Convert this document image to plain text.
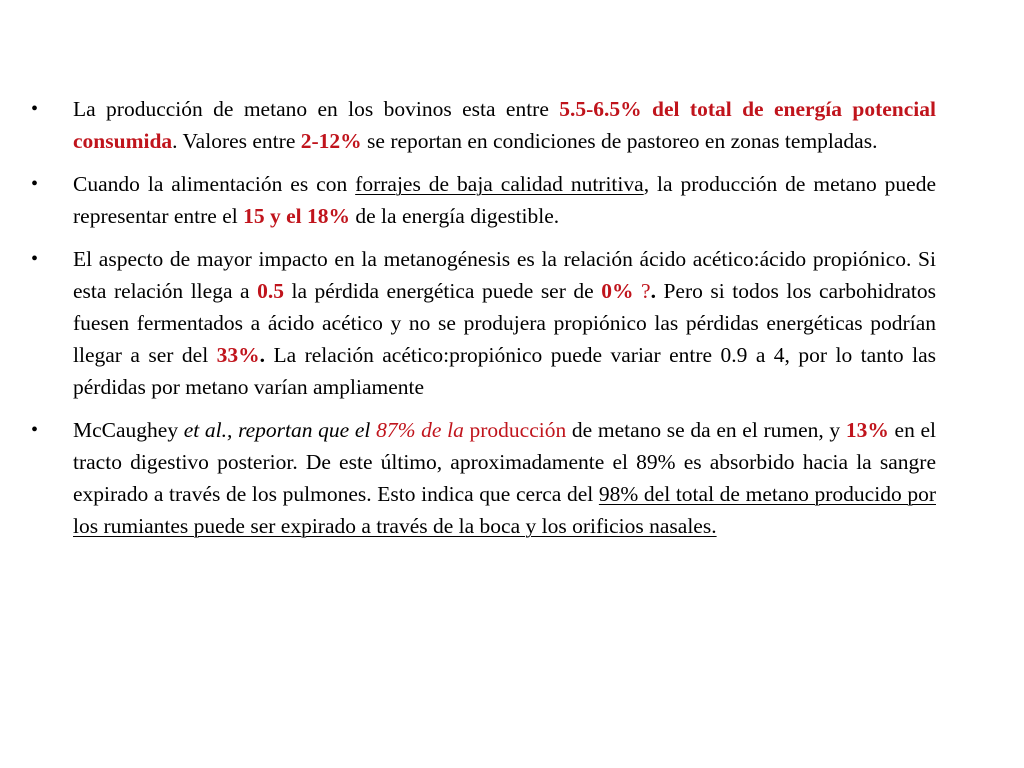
•	La producción de metano en los bovinos esta entre 5.5-6.5% del total de energía potencial consumida. Valores entre 2-12% se reportan en condiciones de pastoreo en zonas templadas.
•	Cuando la alimentación es con forrajes de baja calidad nutritiva, la producción de metano puede representar entre el 15 y el 18% de la energía digestible.
•	El aspecto de mayor impacto en la metanogénesis es la relación ácido acético:ácido propiónico. Si esta relación llega a 0.5 la pérdida energética puede ser de 0% ?. Pero si todos los carbohidratos fuesen fermentados a ácido acético y no se produjera propiónico las pérdidas energéticas podrían llegar a ser del 33%. La relación acético:propiónico puede variar entre 0.9 a 4, por lo tanto las pérdidas por metano varían ampliamente
•	McCaughey et al., reportan que el 87% de la producción de metano se da en el rumen, y 13% en el tracto digestivo posterior. De este último, aproximadamente el 89% es absorbido hacia la sangre expirado a través de los pulmones. Esto indica que cerca del 98% del total de metano producido por los rumiantes puede ser expirado a través de la boca y los orificios nasales.
